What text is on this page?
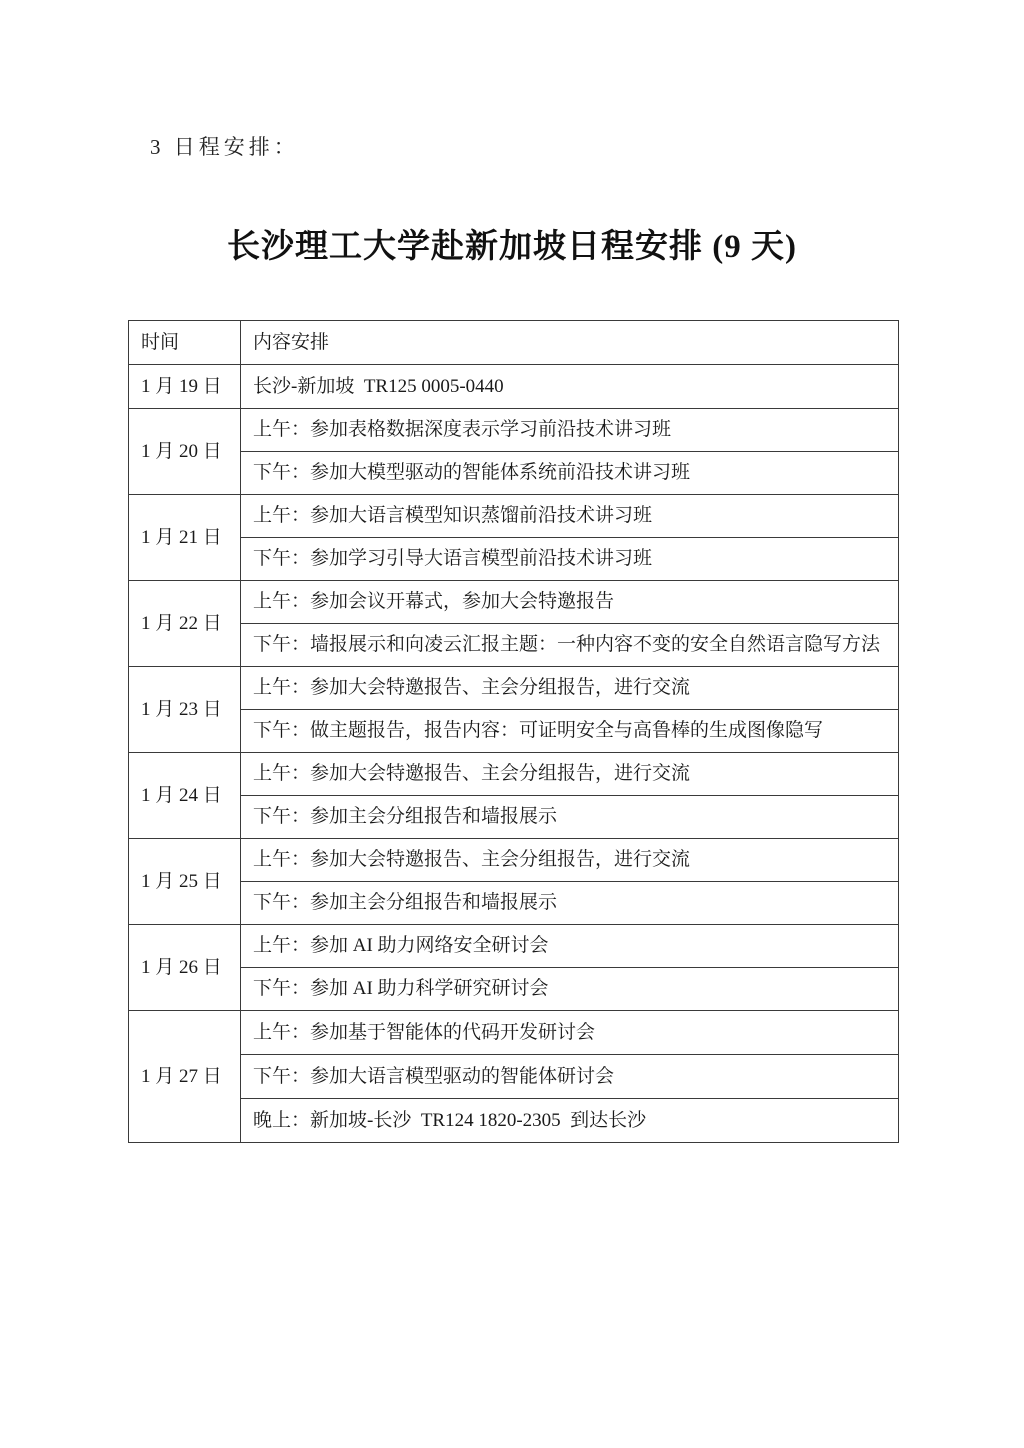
3 日程安排：
长沙理工大学赴新加坡日程安排 (9 天)
时间	内容安排
1 月 19 日	长沙-新加坡  TR125 0005-0440
1 月 20 日	上午：参加表格数据深度表示学习前沿技术讲习班
	下午：参加大模型驱动的智能体系统前沿技术讲习班
1 月 21 日	上午：参加大语言模型知识蒸馏前沿技术讲习班
	下午：参加学习引导大语言模型前沿技术讲习班
1 月 22 日	上午：参加会议开幕式，参加大会特邀报告
	下午：墙报展示和向凌云汇报主题：一种内容不变的安全自然语言隐写方法
1 月 23 日	上午：参加大会特邀报告、主会分组报告，进行交流
	下午：做主题报告，报告内容：可证明安全与高鲁棒的生成图像隐写
1 月 24 日	上午：参加大会特邀报告、主会分组报告，进行交流
	下午：参加主会分组报告和墙报展示
1 月 25 日	上午：参加大会特邀报告、主会分组报告，进行交流
	下午：参加主会分组报告和墙报展示
1 月 26 日	上午：参加 AI 助力网络安全研讨会
	下午：参加 AI 助力科学研究研讨会
1 月 27 日	上午：参加基于智能体的代码开发研讨会
	下午：参加大语言模型驱动的智能体研讨会
	晚上：新加坡-长沙  TR124 1820-2305  到达长沙
